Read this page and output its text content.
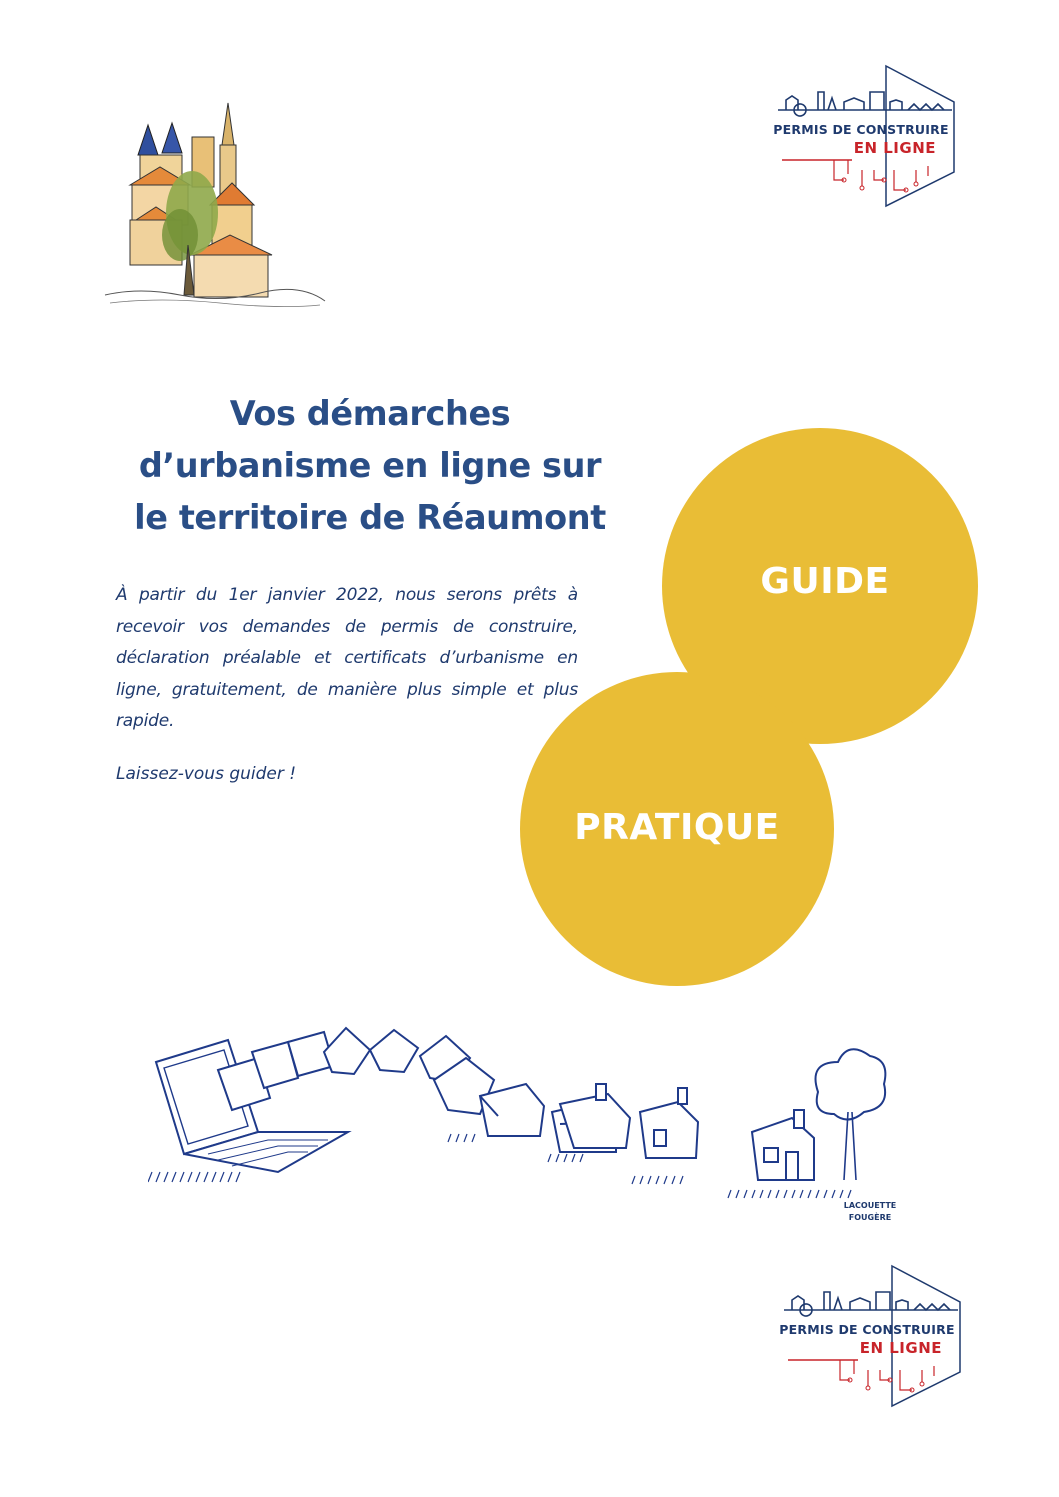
PERMIS DE CONSTRUIRE
EN LIGNE
Vos démarches
d’urbanisme en ligne sur
le territoire de Réaumont
À partir du 1er janvier 2022, nous serons prêts à recevoir vos demandes de permis de construire, déclaration préalable et certificats d’urbanisme en ligne, gratuitement, de manière plus simple et plus rapide.
Laissez-vous guider !
GUIDE
PRATIQUE
LACOUETTE
FOUGÈRE
PERMIS DE CONSTRUIRE
EN LIGNE
